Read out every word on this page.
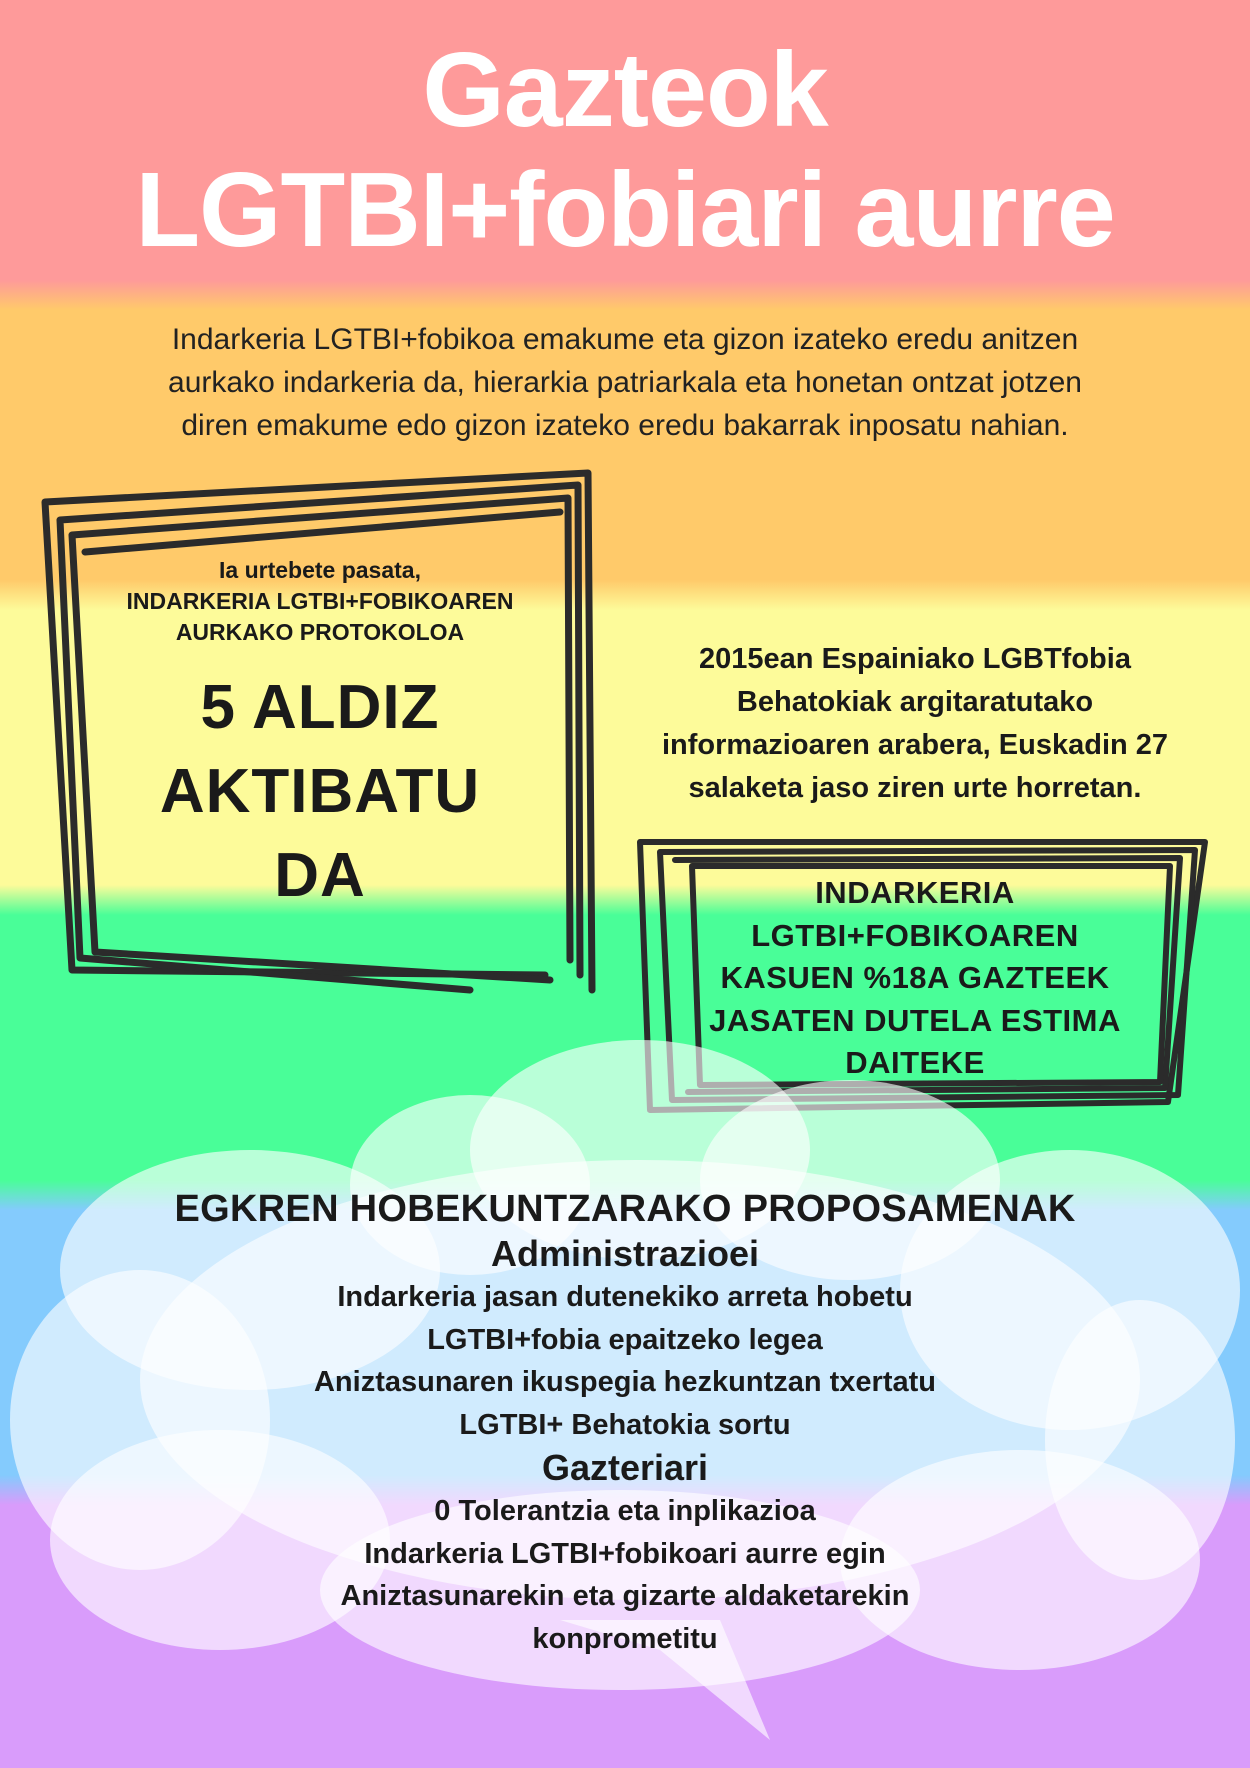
Gazteok
LGTBI+fobiari aurre
Indarkeria LGTBI+fobikoa emakume eta gizon izateko eredu anitzen
aurkako indarkeria da, hierarkia patriarkala eta honetan ontzat jotzen
diren emakume edo gizon izateko eredu bakarrak inposatu nahian.
Ia urtebete pasata,
INDARKERIA LGTBI+FOBIKOAREN
AURKAKO PROTOKOLOA
5 ALDIZ
AKTIBATU
DA
2015ean Espainiako LGBTfobia
Behatokiak argitaratutako
informazioaren arabera, Euskadin 27
salaketa jaso ziren urte horretan.
INDARKERIA
LGTBI+FOBIKOAREN
KASUEN %18A GAZTEEK
JASATEN DUTELA ESTIMA
DAITEKE
EGKREN HOBEKUNTZARAKO PROPOSAMENAK
Administrazioei
Indarkeria jasan dutenekiko arreta hobetu
LGTBI+fobia epaitzeko legea
Aniztasunaren ikuspegia hezkuntzan txertatu
LGTBI+ Behatokia sortu
Gazteriari
0 Tolerantzia eta inplikazioa
Indarkeria LGTBI+fobikoari aurre egin
Aniztasunarekin eta gizarte aldaketarekin
konprometitu
